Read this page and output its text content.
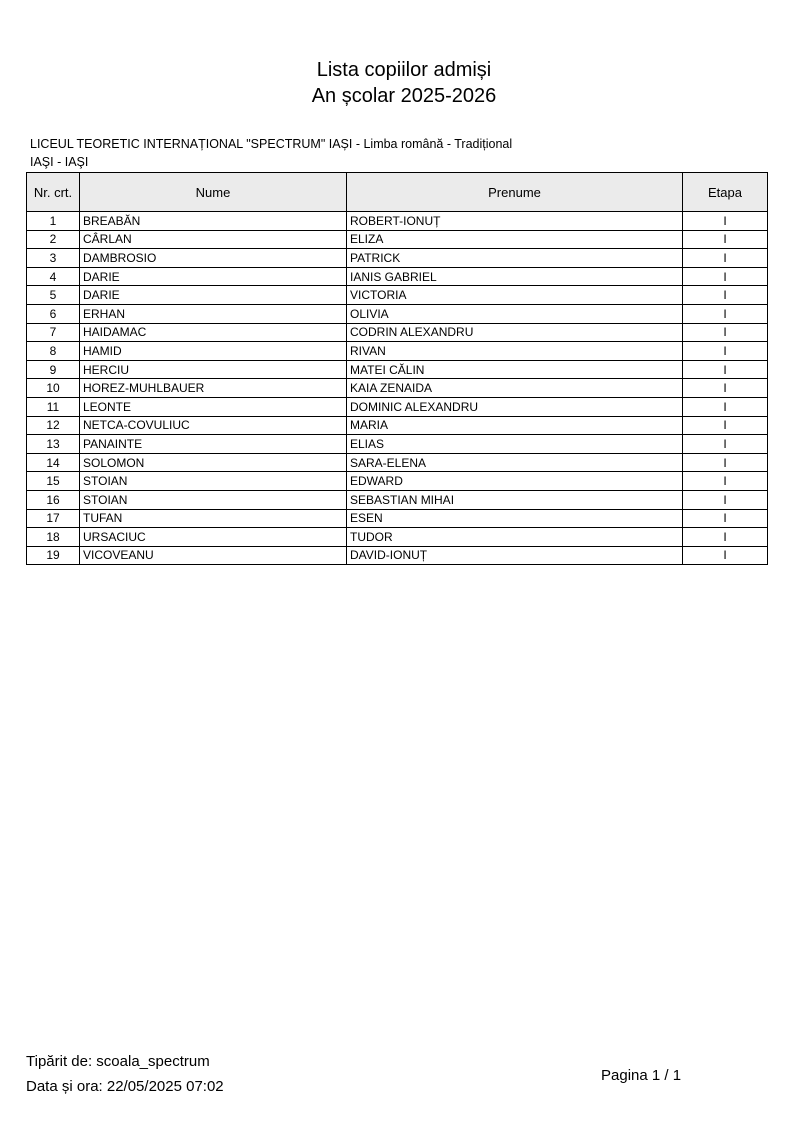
Lista copiilor admiși
An școlar 2025-2026
LICEUL TEORETIC INTERNAȚIONAL "SPECTRUM" IAȘI - Limba română - Tradițional
IAŞI - IAŞI
Nr. crt.	Nume	Prenume	Etapa
1	BREABĂN	ROBERT-IONUȚ	I
2	CÂRLAN	ELIZA	I
3	DAMBROSIO	PATRICK	I
4	DARIE	IANIS GABRIEL	I
5	DARIE	VICTORIA	I
6	ERHAN	OLIVIA	I
7	HAIDAMAC	CODRIN ALEXANDRU	I
8	HAMID	RIVAN	I
9	HERCIU	MATEI CĂLIN	I
10	HOREZ-MUHLBAUER	KAIA ZENAIDA	I
11	LEONTE	DOMINIC ALEXANDRU	I
12	NETCA-COVULIUC	MARIA	I
13	PANAINTE	ELIAS	I
14	SOLOMON	SARA-ELENA	I
15	STOIAN	EDWARD	I
16	STOIAN	SEBASTIAN MIHAI	I
17	TUFAN	ESEN	I
18	URSACIUC	TUDOR	I
19	VICOVEANU	DAVID-IONUȚ	I
Tipărit de: scoala_spectrum
Data și ora: 22/05/2025 07:02
Pagina 1 / 1
